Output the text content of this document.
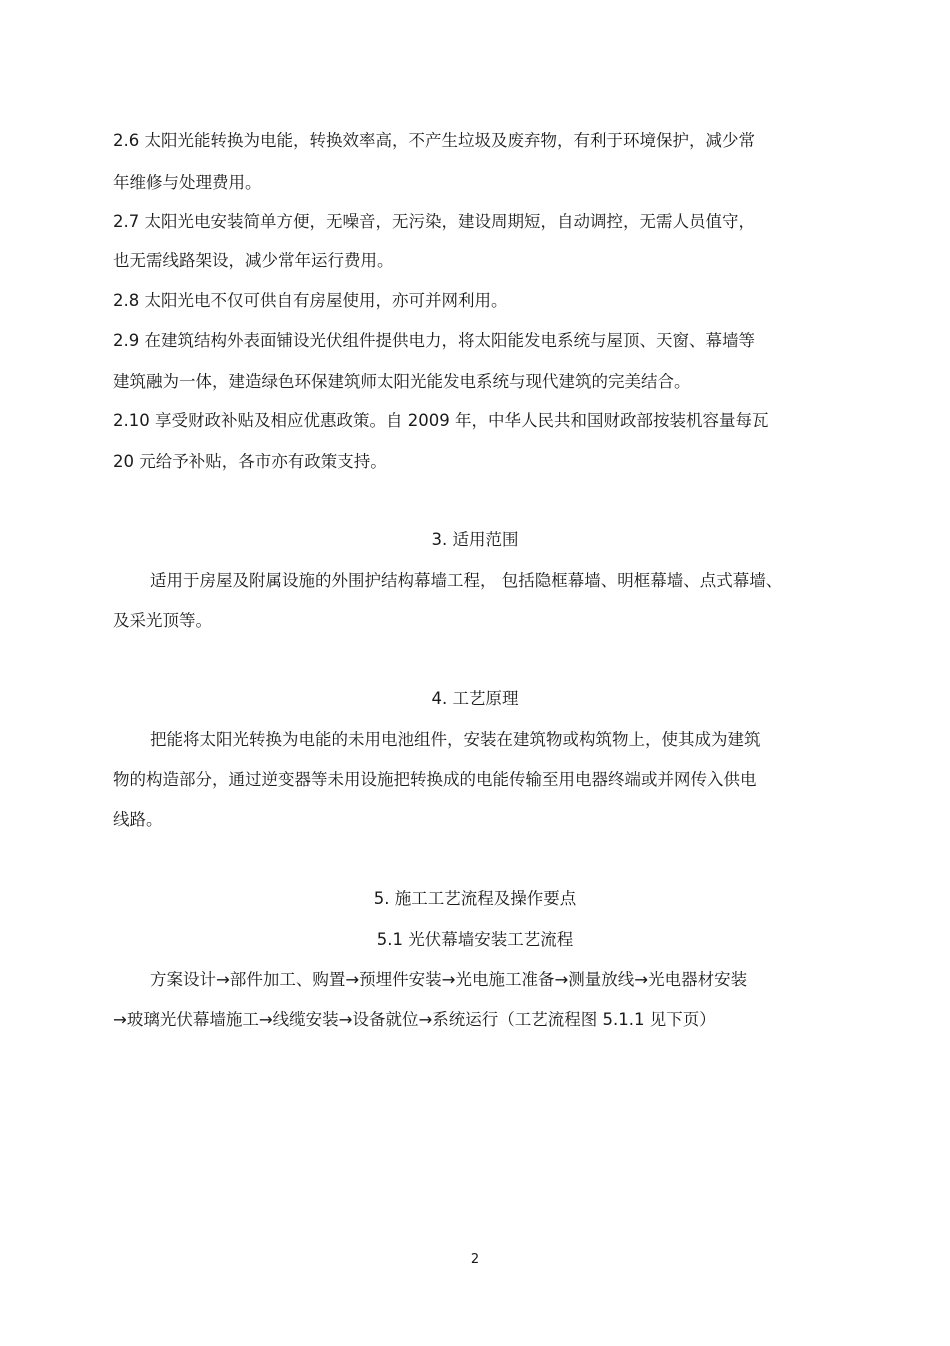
2.6 太阳光能转换为电能，转换效率高，不产生垃圾及废弃物，有利于环境保护，减少常
年维修与处理费用。
2.7 太阳光电安装简单方便，无噪音，无污染，建设周期短，自动调控，无需人员值守，
也无需线路架设，减少常年运行费用。
2.8 太阳光电不仅可供自有房屋使用，亦可并网利用。
2.9 在建筑结构外表面铺设光伏组件提供电力，将太阳能发电系统与屋顶、天窗、幕墙等
建筑融为一体，建造绿色环保建筑师太阳光能发电系统与现代建筑的完美结合。
2.10 享受财政补贴及相应优惠政策。自 2009 年，中华人民共和国财政部按装机容量每瓦
20 元给予补贴，各市亦有政策支持。
3. 适用范围
适用于房屋及附属设施的外围护结构幕墙工程， 包括隐框幕墙、明框幕墙、点式幕墙、
及采光顶等。
4. 工艺原理
把能将太阳光转换为电能的未用电池组件，安装在建筑物或构筑物上，使其成为建筑
物的构造部分，通过逆变器等未用设施把转换成的电能传输至用电器终端或并网传入供电
线路。
5. 施工工艺流程及操作要点
5.1 光伏幕墙安装工艺流程
方案设计→部件加工、购置→预埋件安装→光电施工准备→测量放线→光电器材安装
→玻璃光伏幕墙施工→线缆安装→设备就位→系统运行（工艺流程图 5.1.1 见下页）
2
